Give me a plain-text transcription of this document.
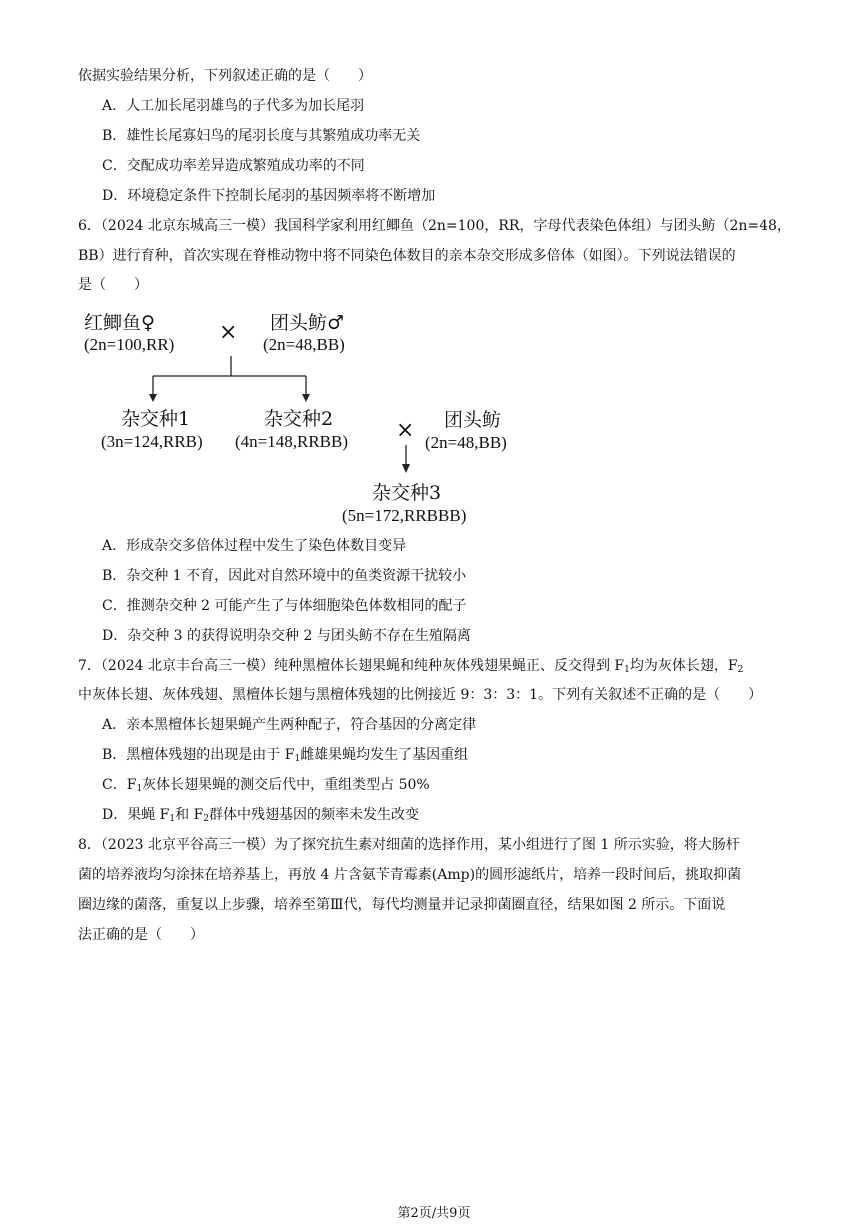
依据实验结果分析，下列叙述正确的是（　　）
A．人工加长尾羽雄鸟的子代多为加长尾羽
B．雄性长尾寡妇鸟的尾羽长度与其繁殖成功率无关
C．交配成功率差异造成繁殖成功率的不同
D．环境稳定条件下控制长尾羽的基因频率将不断增加
6．（2024 北京东城高三一模）我国科学家利用红鲫鱼（2n=100，RR，字母代表染色体组）与团头鲂（2n=48，
BB）进行育种，首次实现在脊椎动物中将不同染色体数目的亲本杂交形成多倍体（如图）。下列说法错误的
是（　　）
红鲫鱼♀
(2n=100,RR) × 团头鲂♂
(2n=48,BB)
杂交种1
(3n=124,RRB)
杂交种2
(4n=148,RRBB) × 团头鲂
(2n=48,BB)
杂交种3
(5n=172,RRBBB)
A．形成杂交多倍体过程中发生了染色体数目变异
B．杂交种 1 不育，因此对自然环境中的鱼类资源干扰较小
C．推测杂交种 2 可能产生了与体细胞染色体数相同的配子
D．杂交种 3 的获得说明杂交种 2 与团头鲂不存在生殖隔离
7．（2024 北京丰台高三一模）纯种黑檀体长翅果蝇和纯种灰体残翅果蝇正、反交得到 $F_1$均为灰体长翅，$F_2$
中灰体长翅、灰体残翅、黑檀体长翅与黑檀体残翅的比例接近 9：3：3：1。下列有关叙述不正确的是（　　）
A．亲本黑檀体长翅果蝇产生两种配子，符合基因的分离定律
B．黑檀体残翅的出现是由于 $F_1$雌雄果蝇均发生了基因重组
C．$F_1$灰体长翅果蝇的测交后代中，重组类型占 50%
D．果蝇 $F_1$和 $F_2$群体中残翅基因的频率未发生改变
8．（2023 北京平谷高三一模）为了探究抗生素对细菌的选择作用，某小组进行了图 1 所示实验，将大肠杆
菌的培养液均匀涂抹在培养基上，再放 4 片含氨苄青霉素(Amp)的圆形滤纸片，培养一段时间后，挑取抑菌
圈边缘的菌落，重复以上步骤，培养至第Ⅲ代，每代均测量并记录抑菌圈直径，结果如图 2 所示。下面说
法正确的是（　　）
第2页/共9页
